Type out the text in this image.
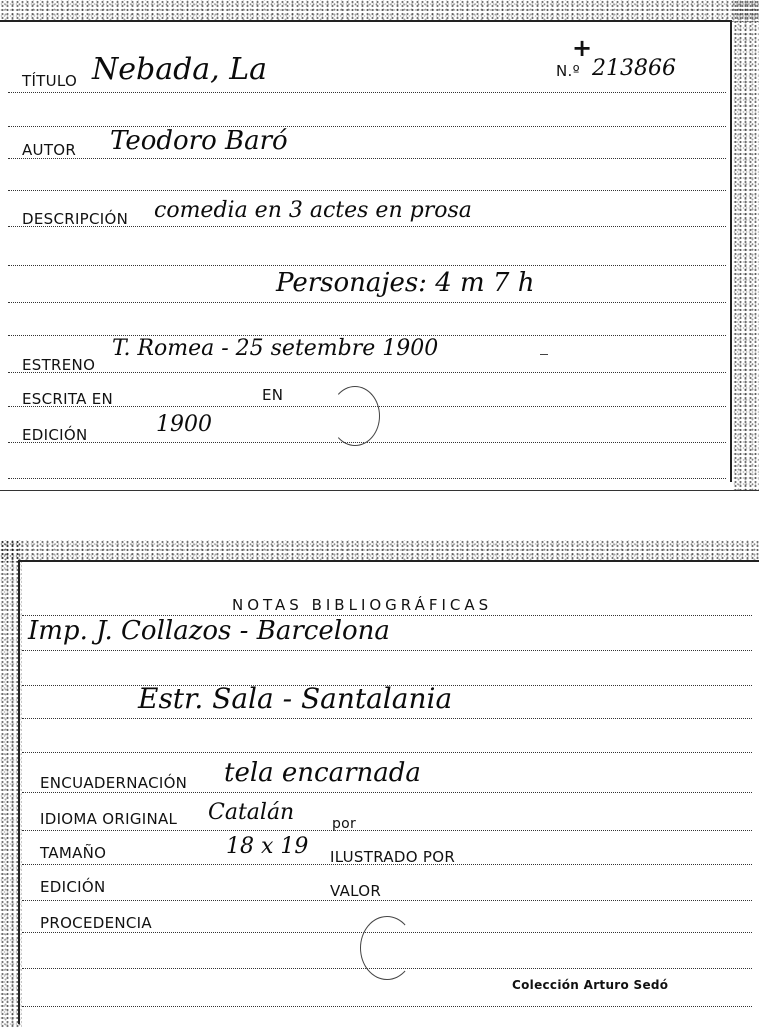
TÍTULO Nebada, La
+
N.º 213866
AUTOR Teodoro Baró
DESCRIPCIÓN comedia en 3 actes en prosa
Personajes: 4 m 7 h
ESTRENO
T. Romea - 25 setembre 1900
ESCRITA EN	EN
EDICIÓN	1900
NOTAS BIBLIOGRÁFICAS
Imp. J. Collazos - Barcelona
Estr. Sala - Santalania
ENCUADERNACIÓN tela encarnada
IDIOMA ORIGINAL Catalán	por
TAMAÑO	18 x 19 ILUSTRADO POR
EDICIÓN	VALOR
PROCEDENCIA
Colección Arturo Sedó
